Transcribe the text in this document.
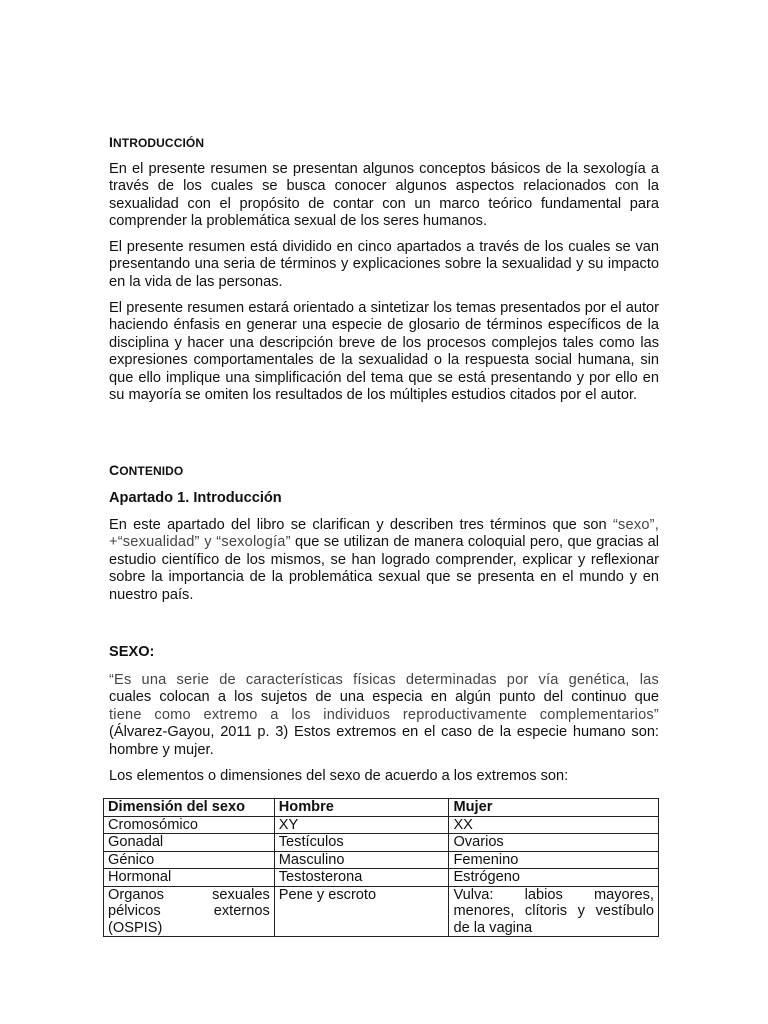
INTRODUCCIÓN

En el presente resumen se presentan algunos conceptos básicos de la sexología a través de los cuales se busca conocer algunos aspectos relacionados con la sexualidad con el propósito de contar con un marco teórico fundamental para comprender la problemática sexual de los seres humanos.

El presente resumen está dividido en cinco apartados a través de los cuales se van presentando una seria de términos y explicaciones sobre la sexualidad y su impacto en la vida de las personas.

El presente resumen estará orientado a sintetizar los temas presentados por el autor haciendo énfasis en generar una especie de glosario de términos específicos de la disciplina y hacer una descripción breve de los procesos complejos tales como las expresiones comportamentales de la sexualidad o la respuesta social humana, sin que ello implique una simplificación del tema que se está presentando y por ello en su mayoría se omiten los resultados de los múltiples estudios citados por el autor.

CONTENIDO

Apartado 1. Introducción

En este apartado del libro se clarifican y describen tres términos que son “sexo”, +“sexualidad” y “sexología” que se utilizan de manera coloquial pero, que gracias al estudio científico de los mismos, se han logrado comprender, explicar y reflexionar sobre la importancia de la problemática sexual que se presenta en el mundo y en nuestro país.

SEXO:

“Es una serie de características físicas determinadas por vía genética, las
cuales colocan a los sujetos de una especia en algún punto del continuo que
tiene como extremo a los individuos reproductivamente complementarios”
(Álvarez-Gayou, 2011 p. 3) Estos extremos en el caso de la especie humano son: hombre y mujer.

Los elementos o dimensiones del sexo de acuerdo a los extremos son:

Dimensión del sexo	Hombre	Mujer
Cromosómico	XY	XX
Gonadal	Testículos	Ovarios
Génico	Masculino	Femenino
Hormonal	Testosterona	Estrógeno

Organos sexuales
pélvicos externos
(OSPIS)	Pene y escroto	Vulva: labios mayores,
menores, clítoris y vestíbulo
de la vagina
